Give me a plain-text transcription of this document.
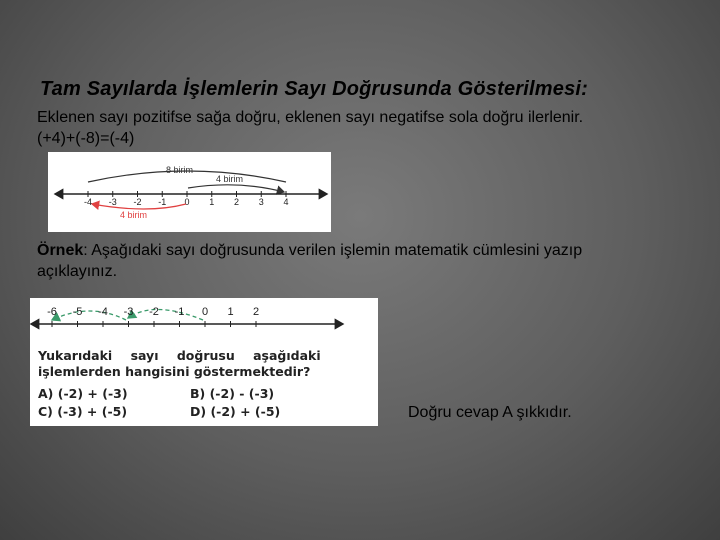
Tam Sayılarda İşlemlerin Sayı Doğrusunda Gösterilmesi:
Eklenen sayı pozitifse sağa doğru, eklenen sayı negatifse sola doğru ilerlenir.
(+4)+(-8)=(-4)
-4 -3 -2 -1 0 1 2 3 4
8 birim
4 birim
4 birim
Örnek: Aşağıdaki sayı doğrusunda verilen işlemin matematik cümlesini yazıp
açıklayınız.
-6 -5 -4 -3 -2 -1 0 1 2
Yukarıdaki sayı doğrusu aşağıdaki
işlemlerden hangisini göstermektedir?
A) (-2) + (-3)	B) (-2) - (-3)
C) (-3) + (-5)	D) (-2) + (-5)	Doğru cevap A şıkkıdır.
